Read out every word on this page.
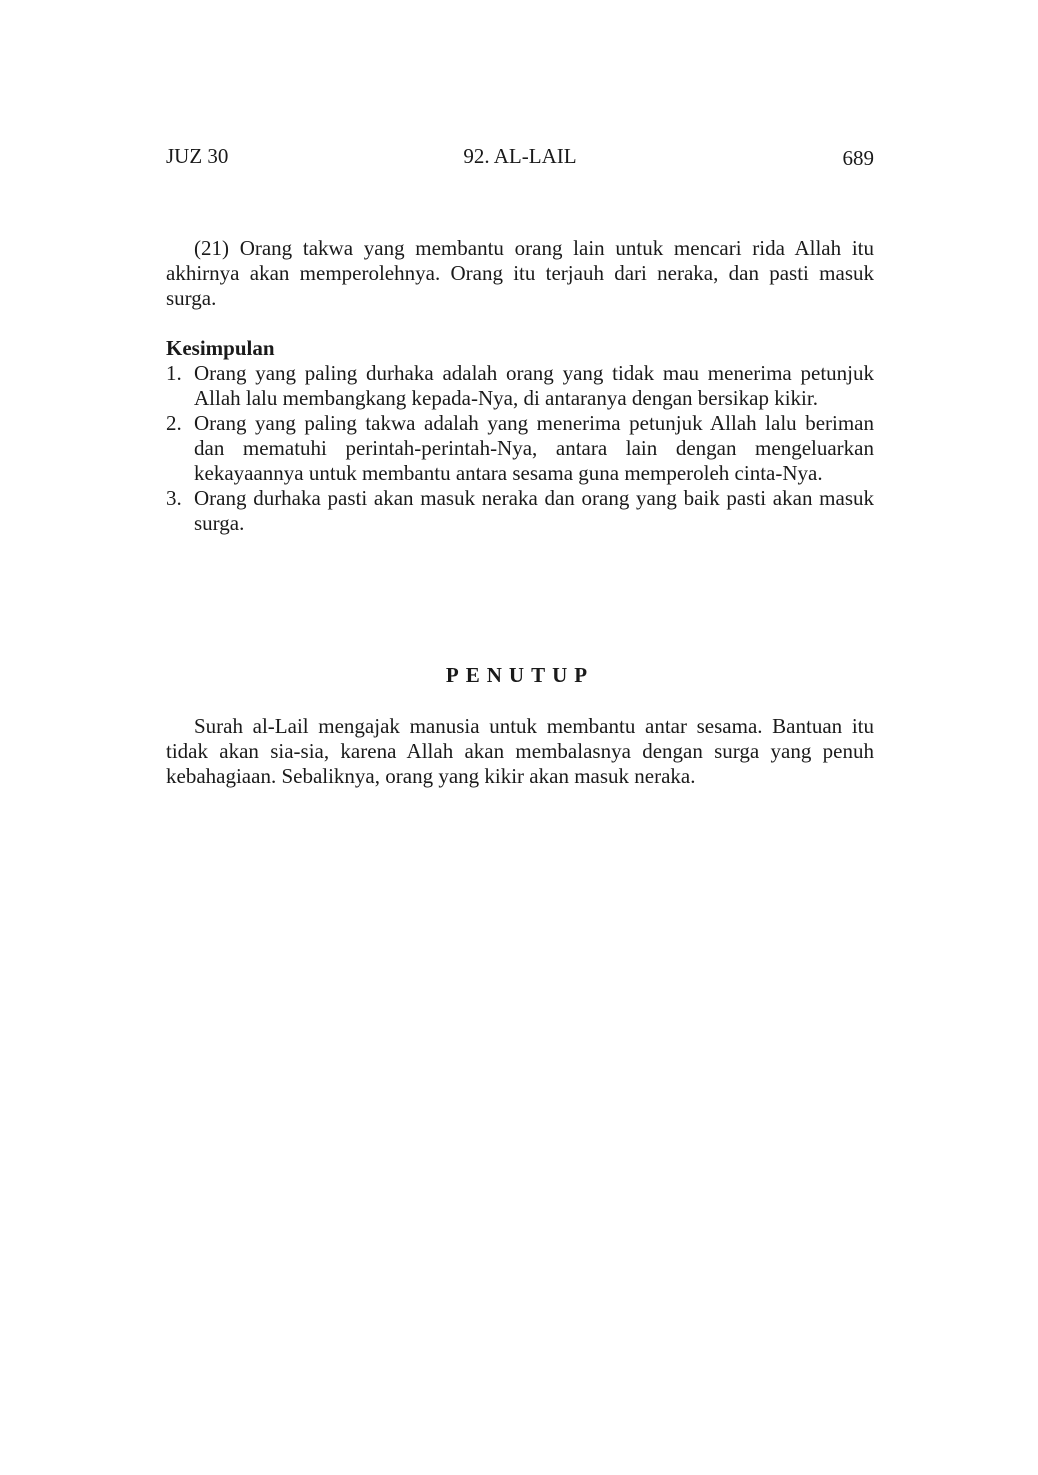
JUZ 30	92. AL-LAIL	689

(21) Orang takwa yang membantu orang lain untuk mencari rida Allah itu akhirnya akan memperolehnya. Orang itu terjauh dari neraka, dan pasti masuk surga.

Kesimpulan

1. Orang yang paling durhaka adalah orang yang tidak mau menerima petunjuk Allah lalu membangkang kepada-Nya, di antaranya dengan bersikap kikir.
2. Orang yang paling takwa adalah yang menerima petunjuk Allah lalu beriman dan mematuhi perintah-perintah-Nya, antara lain dengan mengeluarkan kekayaannya untuk membantu antara sesama guna memperoleh cinta-Nya.
3. Orang durhaka pasti akan masuk neraka dan orang yang baik pasti akan masuk surga.
PENUTUP

Surah al-Lail mengajak manusia untuk membantu antar sesama. Bantuan itu tidak akan sia-sia, karena Allah akan membalasnya dengan surga yang penuh kebahagiaan. Sebaliknya, orang yang kikir akan masuk neraka.
